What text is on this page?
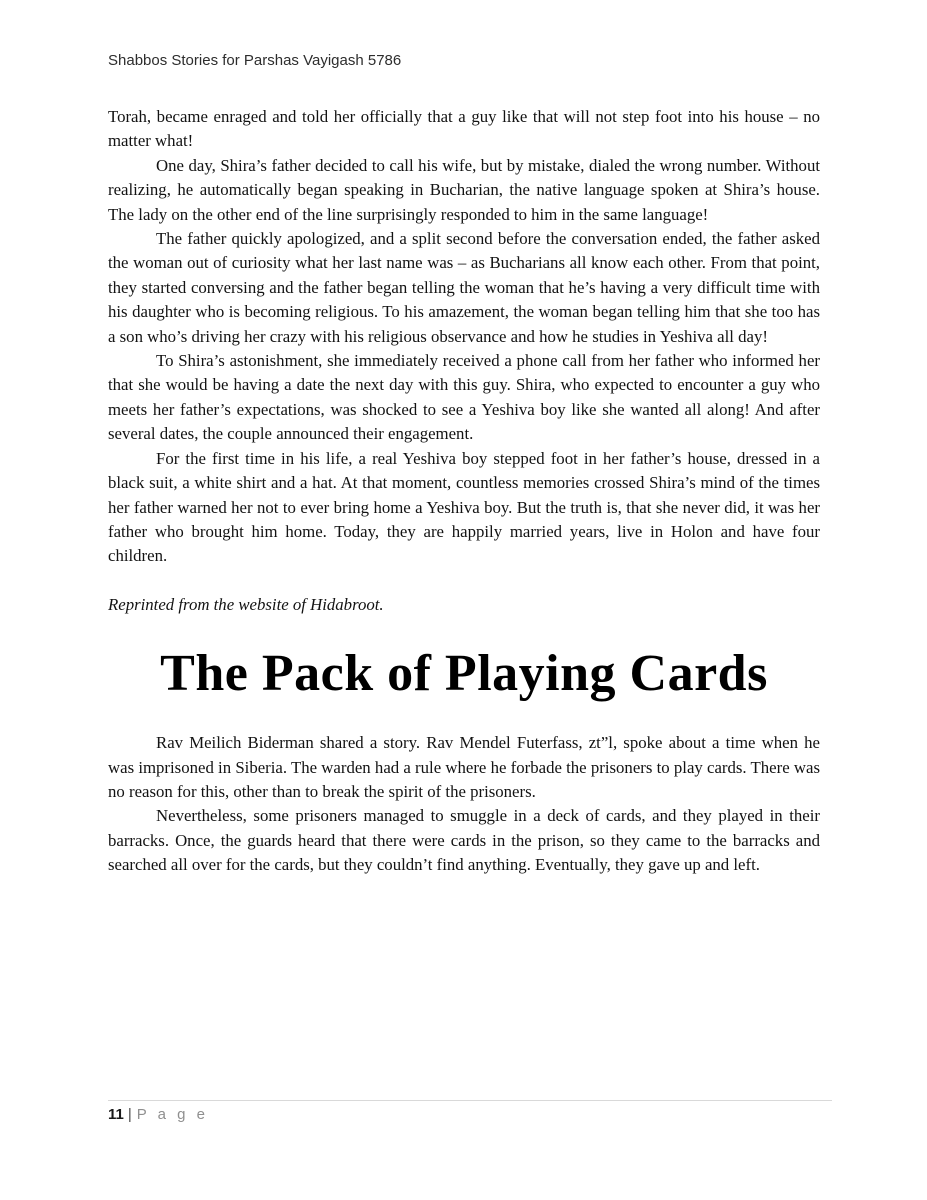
Shabbos Stories for Parshas Vayigash 5786

Torah, became enraged and told her officially that a guy like that will not step foot into his house – no matter what!

One day, Shira’s father decided to call his wife, but by mistake, dialed the wrong number. Without realizing, he automatically began speaking in Bucharian, the native language spoken at Shira’s house. The lady on the other end of the line surprisingly responded to him in the same language!

The father quickly apologized, and a split second before the conversation ended, the father asked the woman out of curiosity what her last name was – as Bucharians all know each other. From that point, they started conversing and the father began telling the woman that he’s having a very difficult time with his daughter who is becoming religious. To his amazement, the woman began telling him that she too has a son who’s driving her crazy with his religious observance and how he studies in Yeshiva all day!

To Shira’s astonishment, she immediately received a phone call from her father who informed her that she would be having a date the next day with this guy. Shira, who expected to encounter a guy who meets her father’s expectations, was shocked to see a Yeshiva boy like she wanted all along! And after several dates, the couple announced their engagement.

For the first time in his life, a real Yeshiva boy stepped foot in her father’s house, dressed in a black suit, a white shirt and a hat. At that moment, countless memories crossed Shira’s mind of the times her father warned her not to ever bring home a Yeshiva boy. But the truth is, that she never did, it was her father who brought him home. Today, they are happily married years, live in Holon and have four children.

Reprinted from the website of Hidabroot.

The Pack of Playing Cards

Rav Meilich Biderman shared a story. Rav Mendel Futerfass, zt”l, spoke about a time when he was imprisoned in Siberia. The warden had a rule where he forbade the prisoners to play cards. There was no reason for this, other than to break the spirit of the prisoners.

Nevertheless, some prisoners managed to smuggle in a deck of cards, and they played in their barracks. Once, the guards heard that there were cards in the prison, so they came to the barracks and searched all over for the cards, but they couldn’t find anything. Eventually, they gave up and left.

11 | P a g e
